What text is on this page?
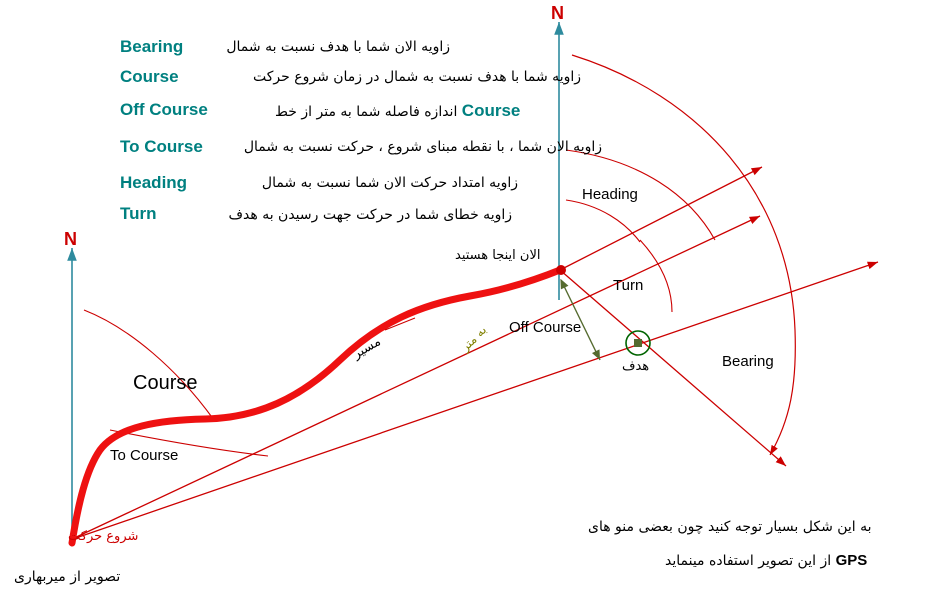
Bearing	زاویه الان شما با هدف نسبت به شمال
Course	زاویه شما با هدف نسبت به شمال در زمان شروع حرکت
Off Course	Course اندازه فاصله شما به متر از خط
To Course	زاویه الان شما ، با نقطه مبنای شروع ، حرکت نسبت به شمال
Heading	زاویه امتداد حرکت الان شما نسبت به شمال
Turn	زاویه خطای شما در حرکت جهت رسیدن به هدف
N
N
Heading
Turn
Bearing
Off Course
Course
To Course
الان اینجا هستید
هدف
مسیر	به متر
شروع حرکت
به این شکل بسیار توجه کنید چون بعضی منو های
GPS از این تصویر استفاده مینماید
تصویر از میربهاری
